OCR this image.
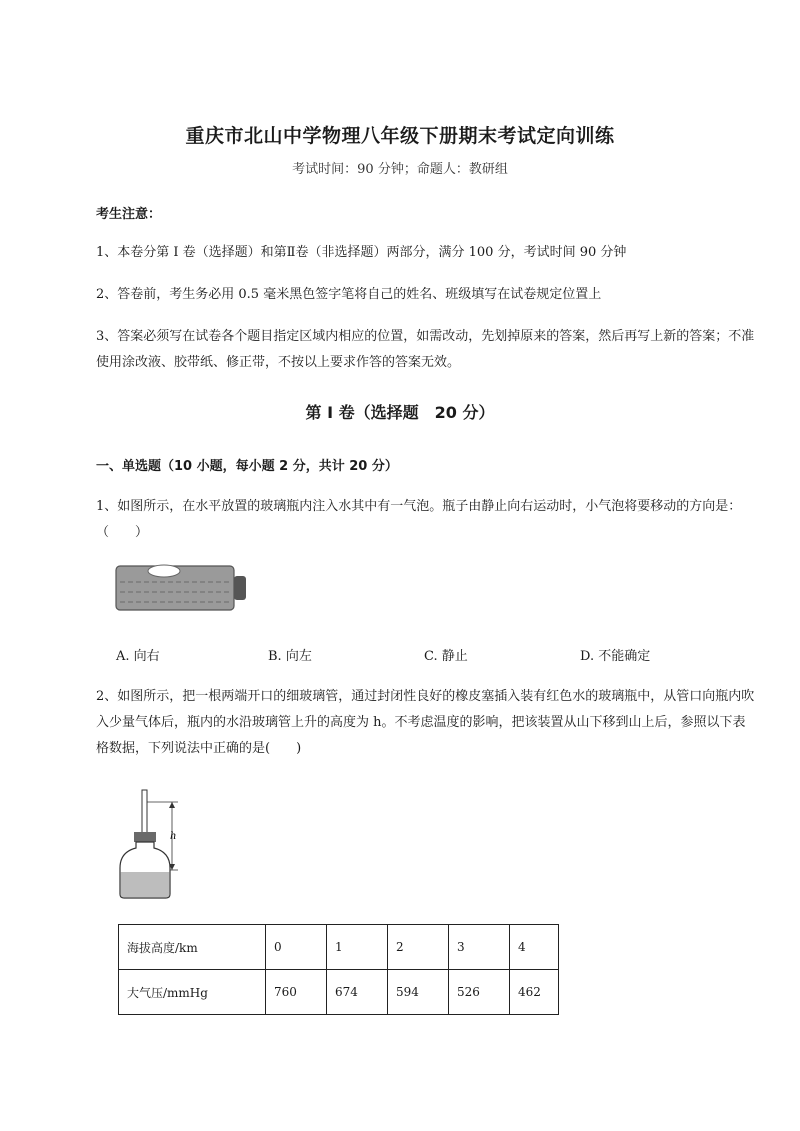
重庆市北山中学物理八年级下册期末考试定向训练
考试时间：90 分钟；命题人：教研组
考生注意：
1、本卷分第 I 卷（选择题）和第Ⅱ卷（非选择题）两部分，满分 100 分，考试时间 90 分钟
2、答卷前，考生务必用 0.5 毫米黑色签字笔将自己的姓名、班级填写在试卷规定位置上
3、答案必须写在试卷各个题目指定区域内相应的位置，如需改动，先划掉原来的答案，然后再写上新的答案；不准使用涂改液、胶带纸、修正带，不按以上要求作答的答案无效。
第 I 卷（选择题　20 分）
一、单选题（10 小题，每小题 2 分，共计 20 分）
1、如图所示，在水平放置的玻璃瓶内注入水其中有一气泡。瓶子由静止向右运动时，小气泡将要移动的方向是：（　　）
A. 向右	B. 向左	C. 静止	D. 不能确定
2、如图所示，把一根两端开口的细玻璃管，通过封闭性良好的橡皮塞插入装有红色水的玻璃瓶中，从管口向瓶内吹入少量气体后，瓶内的水沿玻璃管上升的高度为 h。不考虑温度的影响，把该装置从山下移到山上后，参照以下表格数据，下列说法中正确的是(　　)
h
海拔高度/km	0	1	2	3	4
大气压/mmHg	760	674	594	526	462
